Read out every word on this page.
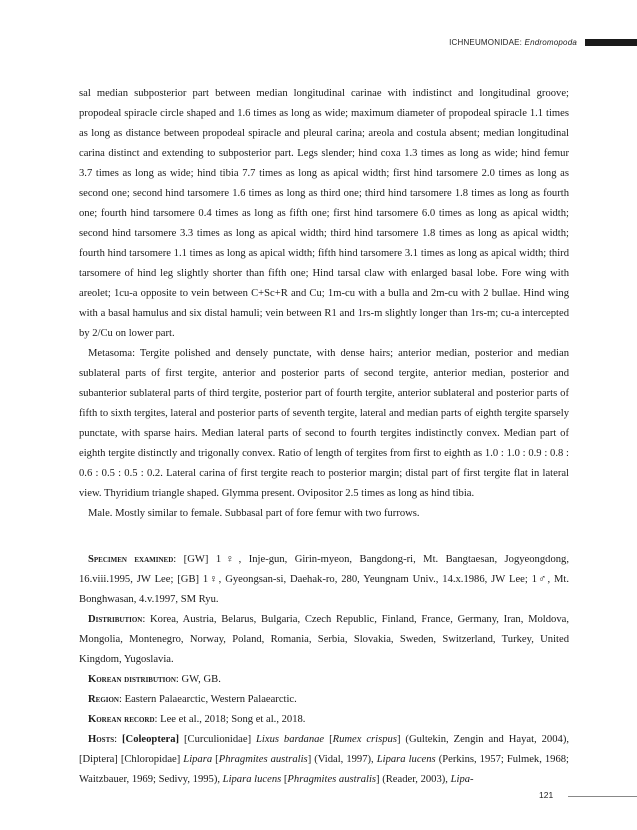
ICHNEUMONIDAE: Endromopoda

sal median subposterior part between median longitudinal carinae with indistinct and longitudinal groove; propodeal spiracle circle shaped and 1.6 times as long as wide; maximum diameter of propodeal spiracle 1.1 times as long as distance between propodeal spiracle and pleural carina; areola and costula absent; median longitudinal carina distinct and extending to subposterior part. Legs slender; hind coxa 1.3 times as long as wide; hind femur 3.7 times as long as wide; hind tibia 7.7 times as long as apical width; first hind tarsomere 2.0 times as long as second one; second hind tarsomere 1.6 times as long as third one; third hind tarsomere 1.8 times as long as fourth one; fourth hind tarsomere 0.4 times as long as fifth one; first hind tarsomere 6.0 times as long as apical width; second hind tarsomere 3.3 times as long as apical width; third hind tarsomere 1.8 times as long as apical width; fourth hind tarsomere 1.1 times as long as apical width; fifth hind tarsomere 3.1 times as long as apical width; third tarsomere of hind leg slightly shorter than fifth one; Hind tarsal claw with enlarged basal lobe. Fore wing with areolet; 1cu-a opposite to vein between C+Sc+R and Cu; 1m-cu with a bulla and 2m-cu with 2 bullae. Hind wing with a basal hamulus and six distal hamuli; vein between R1 and 1rs-m slightly longer than 1rs-m; cu-a intercepted by 2/Cu on lower part.

Metasoma: Tergite polished and densely punctate, with dense hairs; anterior median, posterior and median sublateral parts of first tergite, anterior and posterior parts of second tergite, anterior median, posterior and subanterior sublateral parts of third tergite, posterior part of fourth tergite, anterior sublateral and posterior parts of fifth to sixth tergites, lateral and posterior parts of seventh tergite, lateral and median parts of eighth tergite sparsely punctate, with sparse hairs. Median lateral parts of second to fourth tergites indistinctly convex. Median part of eighth tergite distinctly and trigonally convex. Ratio of length of tergites from first to eighth as 1.0 : 1.0 : 0.9 : 0.8 : 0.6 : 0.5 : 0.5 : 0.2. Lateral carina of first tergite reach to posterior margin; distal part of first tergite flat in lateral view. Thyridium triangle shaped. Glymma present. Ovipositor 2.5 times as long as hind tibia.

Male. Mostly similar to female. Subbasal part of fore femur with two furrows.

Specimen examined: [GW] 1♀, Inje-gun, Girin-myeon, Bangdong-ri, Mt. Bangtaesan, Jogyeongdong, 16.viii.1995, JW Lee; [GB] 1♀, Gyeongsan-si, Daehak-ro, 280, Yeungnam Univ., 14.x.1986, JW Lee; 1♂, Mt. Bonghwasan, 4.v.1997, SM Ryu.

Distribution: Korea, Austria, Belarus, Bulgaria, Czech Republic, Finland, France, Germany, Iran, Moldova, Mongolia, Montenegro, Norway, Poland, Romania, Serbia, Slovakia, Sweden, Switzerland, Turkey, United Kingdom, Yugoslavia.

Korean distribution: GW, GB.

Region: Eastern Palaearctic, Western Palaearctic.

Korean record: Lee et al., 2018; Song et al., 2018.

Hosts: [Coleoptera] [Curculionidae] Lixus bardanae [Rumex crispus] (Gultekin, Zengin and Hayat, 2004), [Diptera] [Chloropidae] Lipara [Phragmites australis] (Vidal, 1997), Lipara lucens (Perkins, 1957; Fulmek, 1968; Waitzbauer, 1969; Sedivy, 1995), Lipara lucens [Phragmites australis] (Reader, 2003), Lipa-

121
